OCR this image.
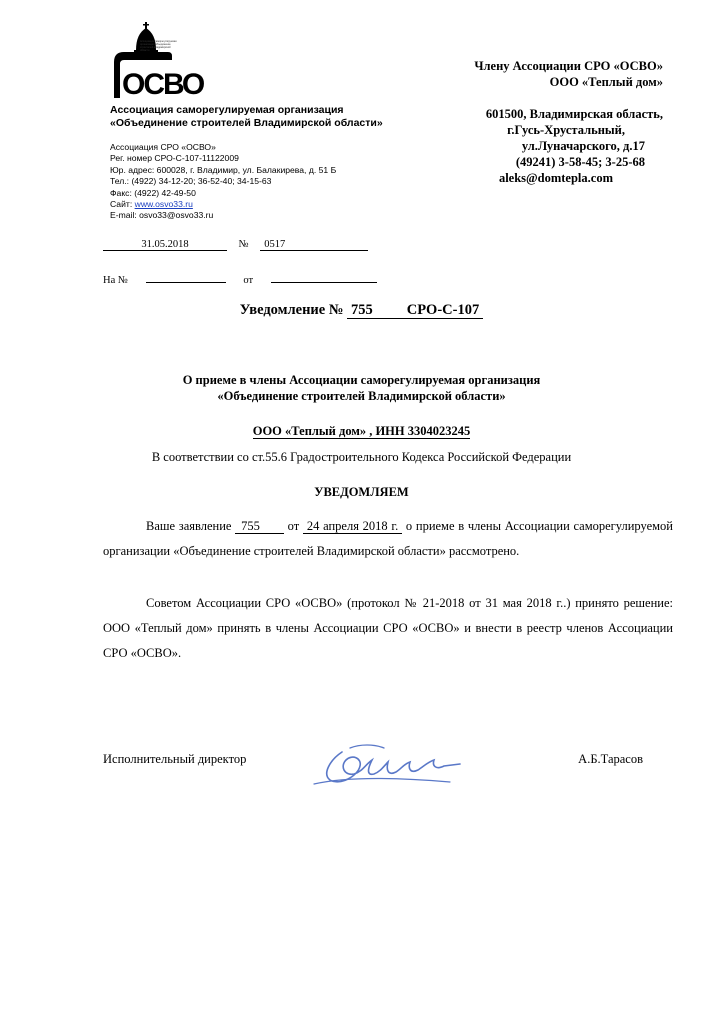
ОСВО
Ассоциация саморегулируемая организация объединение строителей владимирской области
Ассоциация саморегулируемая организация
«Объединение строителей Владимирской области»
Ассоциация СРО «ОСВО»
Рег. номер СРО-С-107-11122009
Юр. адрес: 600028, г. Владимир, ул. Балакирева, д. 51 Б
Тел.: (4922) 34-12-20; 36-52-40; 34-15-63
Факс: (4922) 42-49-50
Сайт: www.osvo33.ru
E-mail: osvo33@osvo33.ru
Члену Ассоциации СРО «ОСВО»
ООО «Теплый дом»
601500, Владимирская область,
г.Гусь-Хрустальный,
ул.Луначарского, д.17
(49241) 3-58-45; 3-25-68
aleks@domtepla.com
31.05.2018	№ 0517
На №	от
Уведомление № 755 СРО-С-107
О приеме в члены Ассоциации саморегулируемая организация
«Объединение строителей Владимирской области»
ООО «Теплый дом» , ИНН 3304023245
В соответствии со ст.55.6 Градостроительного Кодекса Российской Федерации
УВЕДОМЛЯЕМ
Ваше заявление 755 от 24 апреля 2018 г. о приеме в члены Ассоциации саморегулируемой организации «Объединение строителей Владимирской области» рассмотрено.
Советом Ассоциации СРО «ОСВО» (протокол № 21-2018 от 31 мая 2018 г..) принято решение: ООО «Теплый дом» принять в члены Ассоциации СРО «ОСВО» и внести в реестр членов Ассоциации СРО «ОСВО».
Исполнительный директор	А.Б.Тарасов
